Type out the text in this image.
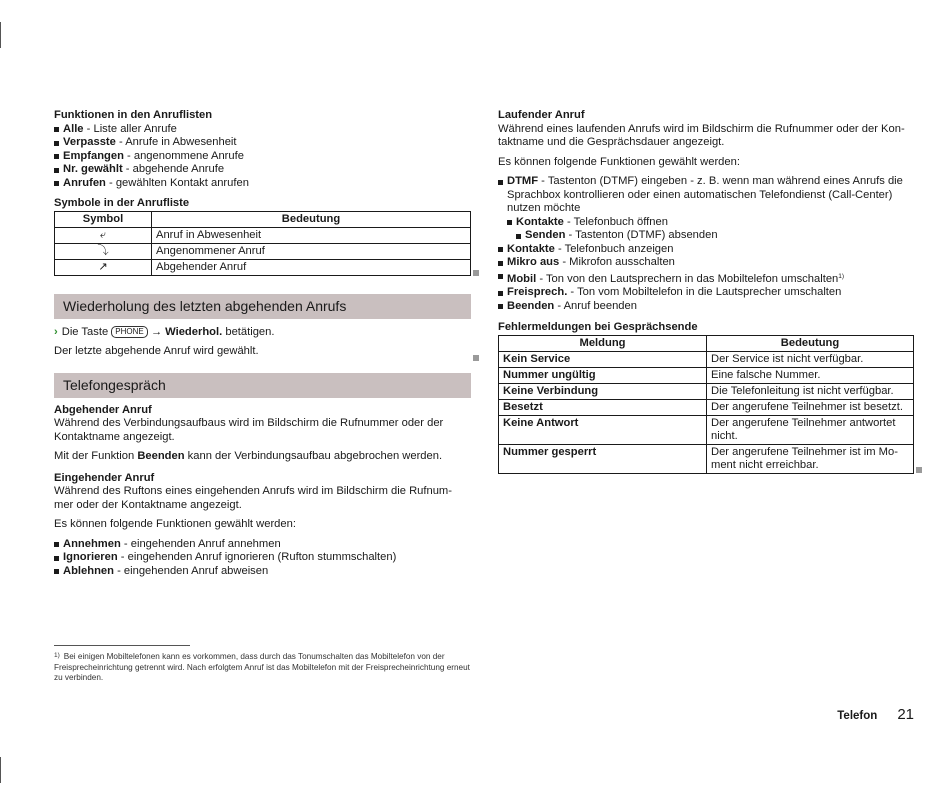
Funktionen in den Anruflisten

Alle - Liste aller Anrufe
Verpasste - Anrufe in Abwesenheit
Empfangen - angenommene Anrufe
Nr. gewählt - abgehende Anrufe
Anrufen - gewählten Kontakt anrufen

Symbole in der Anrufliste

Symbol	Bedeutung
⤶	Anruf in Abwesenheit
⤵	Angenommener Anruf
↗	Abgehender Anruf
Wiederholung des letzten abgehenden Anrufs

› Die Taste PHONE → Wiederhol. betätigen.

Der letzte abgehende Anruf wird gewählt.

Telefongespräch

Abgehender Anruf

Während des Verbindungsaufbaus wird im Bildschirm die Rufnummer oder der Kontaktname angezeigt.

Mit der Funktion Beenden kann der Verbindungsaufbau abgebrochen werden.

Eingehender Anruf

Während des Ruftons eines eingehenden Anrufs wird im Bildschirm die Rufnum-

mer oder der Kontaktname angezeigt.

Es können folgende Funktionen gewählt werden:

Annehmen - eingehenden Anruf annehmen
Ignorieren - eingehenden Anruf ignorieren (Rufton stummschalten)
Ablehnen - eingehenden Anruf abweisen

Laufender Anruf

Während eines laufenden Anrufs wird im Bildschirm die Rufnummer oder der Kon-

taktname und die Gesprächsdauer angezeigt.

Es können folgende Funktionen gewählt werden:

DTMF - Tastenton (DTMF) eingeben - z. B. wenn man während eines Anrufs die
Sprachbox kontrollieren oder einen automatischen Telefondienst (Call-Center)
nutzen möchte
Kontakte - Telefonbuch öffnen
Senden - Tastenton (DTMF) absenden
Kontakte - Telefonbuch anzeigen
Mikro aus - Mikrofon ausschalten
Mobil - Ton von den Lautsprechern in das Mobiltelefon umschalten$^{1)}$
Freisprech. - Ton vom Mobiltelefon in die Lautsprecher umschalten
Beenden - Anruf beenden

Fehlermeldungen bei Gesprächsende

Meldung	Bedeutung
Kein Service	Der Service ist nicht verfügbar.
Nummer ungültig	Eine falsche Nummer.
Keine Verbindung	Die Telefonleitung ist nicht verfügbar.
Besetzt	Der angerufene Teilnehmer ist besetzt.
Keine Antwort	Der angerufene Teilnehmer antwortet nicht.
Nummer gesperrt	Der angerufene Teilnehmer ist im Mo-ment nicht erreichbar.
$^{1)}$ Bei einigen Mobiltelefonen kann es vorkommen, dass durch das Tonumschalten das Mobiltelefon von der Freisprecheinrichtung getrennt wird. Nach erfolgtem Anruf ist das Mobiltelefon mit der Freisprecheinrichtung erneut zu verbinden.
Telefon 21
